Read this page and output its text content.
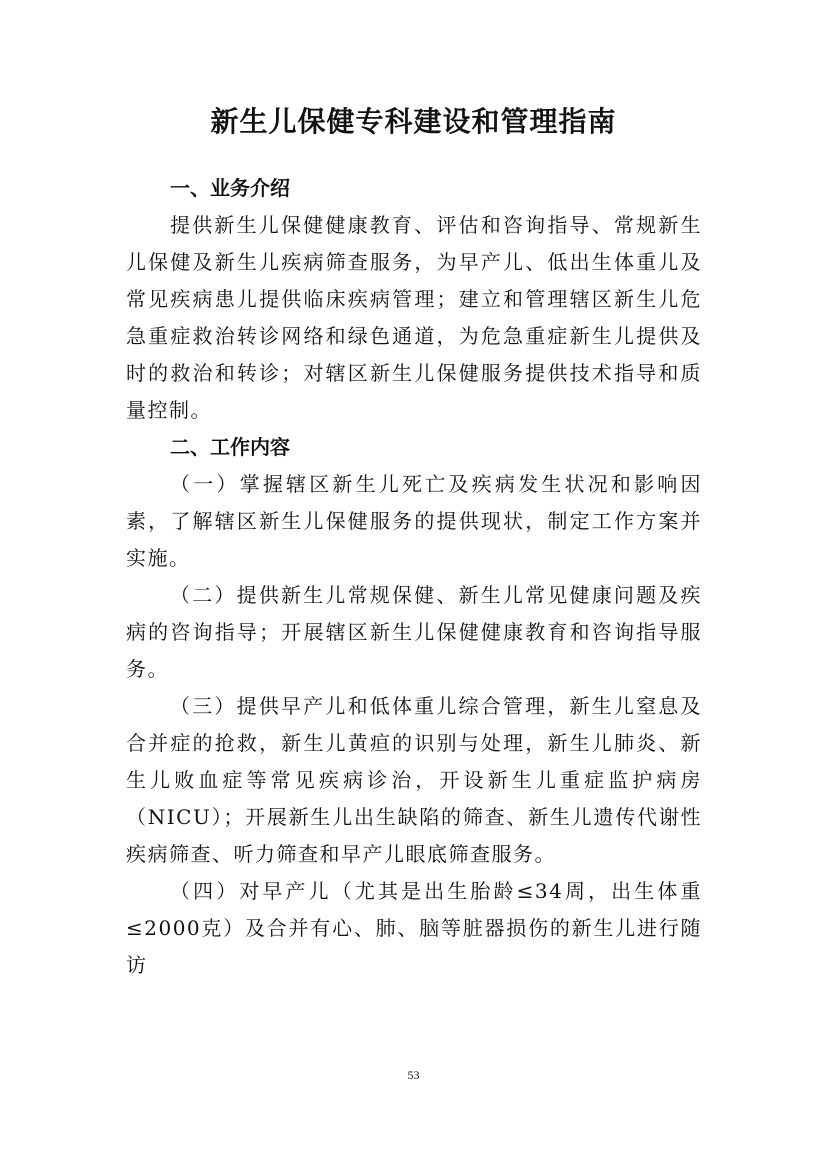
新生儿保健专科建设和管理指南
一、业务介绍

提供新生儿保健健康教育、评估和咨询指导、常规新生儿保健及新生儿疾病筛查服务，为早产儿、低出生体重儿及常见疾病患儿提供临床疾病管理；建立和管理辖区新生儿危急重症救治转诊网络和绿色通道，为危急重症新生儿提供及时的救治和转诊；对辖区新生儿保健服务提供技术指导和质量控制。

二、工作内容

（一）掌握辖区新生儿死亡及疾病发生状况和影响因素，了解辖区新生儿保健服务的提供现状，制定工作方案并实施。

（二）提供新生儿常规保健、新生儿常见健康问题及疾病的咨询指导；开展辖区新生儿保健健康教育和咨询指导服务。

（三）提供早产儿和低体重儿综合管理，新生儿窒息及合并症的抢救，新生儿黄疸的识别与处理，新生儿肺炎、新生儿败血症等常见疾病诊治，开设新生儿重症监护病房（NICU）；开展新生儿出生缺陷的筛查、新生儿遗传代谢性疾病筛查、听力筛查和早产儿眼底筛查服务。

（四）对早产儿（尤其是出生胎龄≤34周，出生体重≤2000克）及合并有心、肺、脑等脏器损伤的新生儿进行随访

53
